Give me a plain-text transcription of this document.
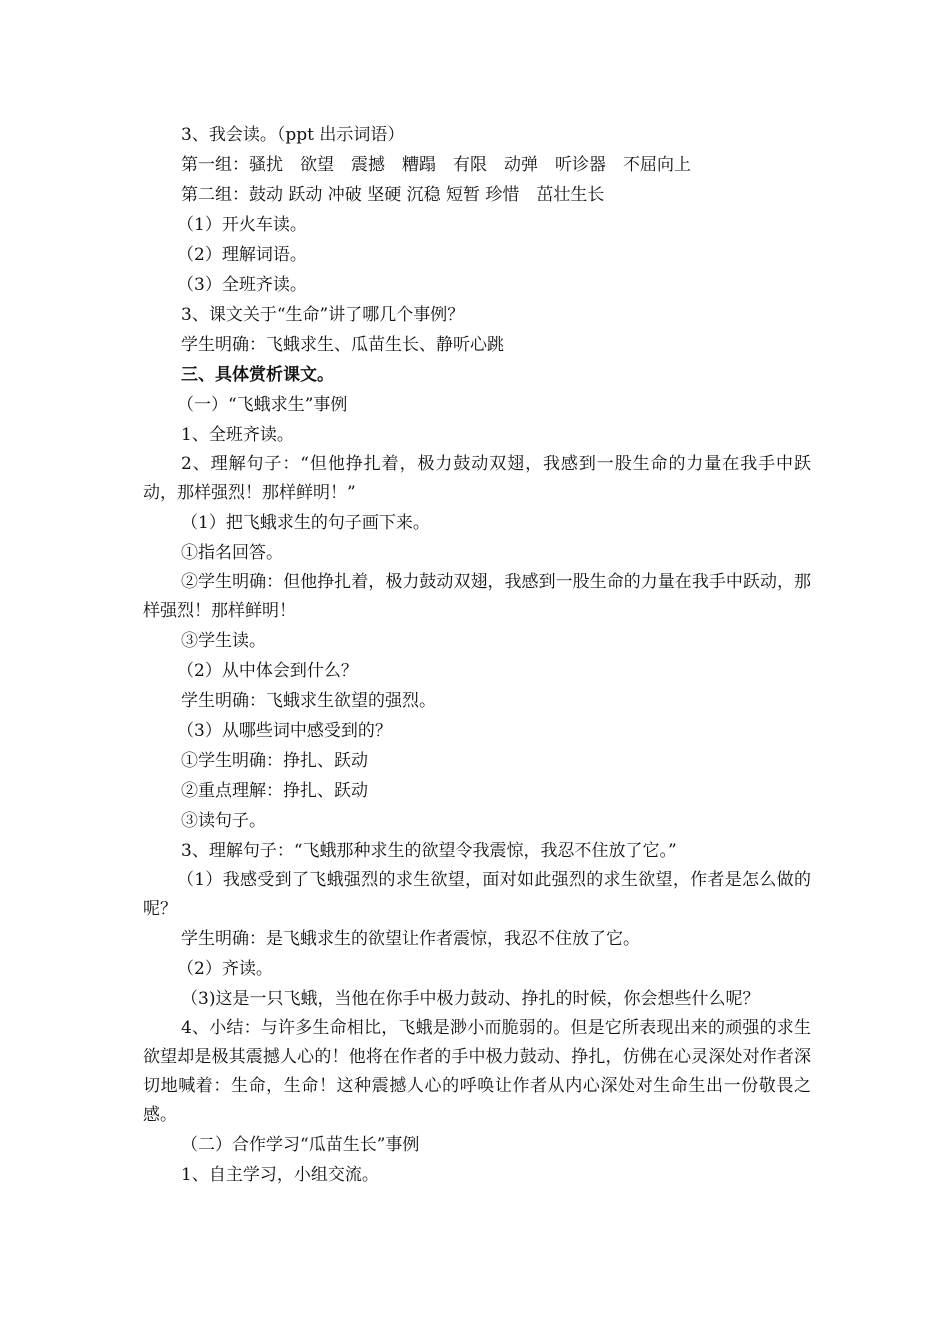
3、我会读。（ppt 出示词语）

第一组：骚扰　欲望　震撼　糟蹋　有限　动弹　听诊器　不屈向上

第二组：鼓动 跃动 冲破 坚硬 沉稳 短暂 珍惜　茁壮生长

（1）开火车读。

（2）理解词语。

（3）全班齐读。

3、课文关于“生命”讲了哪几个事例？

学生明确：飞蛾求生、瓜苗生长、静听心跳

三、具体赏析课文。

（一）“飞蛾求生”事例

1、全班齐读。

2、理解句子：“但他挣扎着，极力鼓动双翅，我感到一股生命的力量在我手中跃动，那样强烈！那样鲜明！”

（1）把飞蛾求生的句子画下来。

①指名回答。

②学生明确：但他挣扎着，极力鼓动双翅，我感到一股生命的力量在我手中跃动，那样强烈！那样鲜明！

③学生读。

（2）从中体会到什么？

学生明确：飞蛾求生欲望的强烈。

（3）从哪些词中感受到的？

①学生明确：挣扎、跃动

②重点理解：挣扎、跃动

③读句子。

3、理解句子：“飞蛾那种求生的欲望令我震惊，我忍不住放了它。”

（1）我感受到了飞蛾强烈的求生欲望，面对如此强烈的求生欲望，作者是怎么做的呢？

学生明确：是飞蛾求生的欲望让作者震惊，我忍不住放了它。

（2）齐读。

（3)这是一只飞蛾，当他在你手中极力鼓动、挣扎的时候，你会想些什么呢？

4、小结：与许多生命相比，飞蛾是渺小而脆弱的。但是它所表现出来的顽强的求生欲望却是极其震撼人心的！他将在作者的手中极力鼓动、挣扎，仿佛在心灵深处对作者深切地喊着：生命，生命！这种震撼人心的呼唤让作者从内心深处对生命生出一份敬畏之感。

（二）合作学习“瓜苗生长”事例

1、自主学习，小组交流。
